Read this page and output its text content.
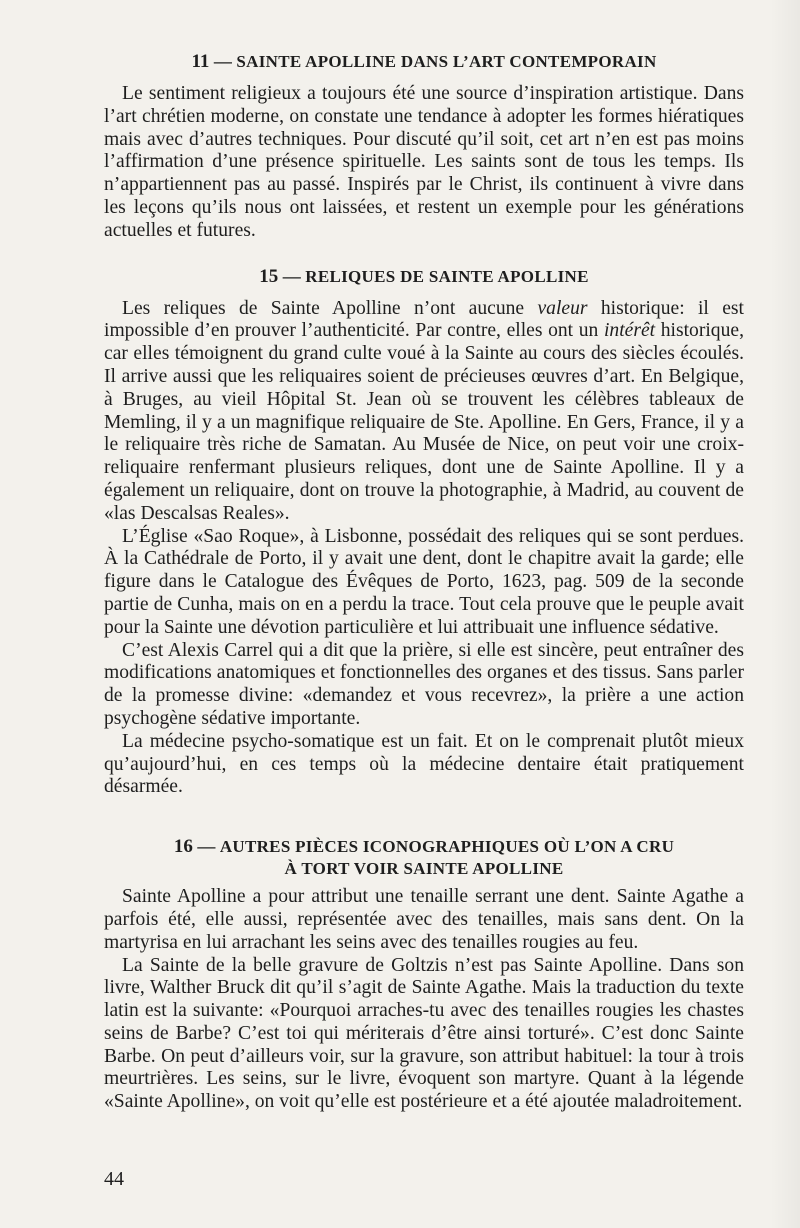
11 — SAINTE APOLLINE DANS L’ART CONTEMPORAIN

Le sentiment religieux a toujours été une source d’inspiration artistique. Dans l’art chrétien moderne, on constate une tendance à adopter les formes hiératiques mais avec d’autres techniques. Pour discuté qu’il soit, cet art n’en est pas moins l’affirmation d’une présence spirituelle. Les saints sont de tous les temps. Ils n’appartiennent pas au passé. Inspirés par le Christ, ils continuent à vivre dans les leçons qu’ils nous ont laissées, et restent un exemple pour les générations actuelles et futures.

15 — RELIQUES DE SAINTE APOLLINE

Les reliques de Sainte Apolline n’ont aucune valeur historique: il est impossible d’en prouver l’authenticité. Par contre, elles ont un intérêt historique, car elles témoignent du grand culte voué à la Sainte au cours des siècles écoulés. Il arrive aussi que les reliquaires soient de précieuses œuvres d’art. En Belgique, à Bruges, au vieil Hôpital St. Jean où se trouvent les célèbres tableaux de Memling, il y a un magnifique reliquaire de Ste. Apolline. En Gers, France, il y a le reliquaire très riche de Samatan. Au Musée de Nice, on peut voir une croix-reliquaire renfermant plusieurs reliques, dont une de Sainte Apolline. Il y a également un reliquaire, dont on trouve la photographie, à Madrid, au couvent de «las Descalsas Reales».

L’Église «Sao Roque», à Lisbonne, possédait des reliques qui se sont perdues. À la Cathédrale de Porto, il y avait une dent, dont le chapitre avait la garde; elle figure dans le Catalogue des Évêques de Porto, 1623, pag. 509 de la seconde partie de Cunha, mais on en a perdu la trace. Tout cela prouve que le peuple avait pour la Sainte une dévotion particulière et lui attribuait une influence sédative.

C’est Alexis Carrel qui a dit que la prière, si elle est sincère, peut entraîner des modifications anatomiques et fonctionnelles des organes et des tissus. Sans parler de la promesse divine: «demandez et vous recevrez», la prière a une action psychogène sédative importante.

La médecine psycho-somatique est un fait. Et on le comprenait plutôt mieux qu’aujourd’hui, en ces temps où la médecine dentaire était pratiquement désarmée.

16 — AUTRES PIÈCES ICONOGRAPHIQUES OÙ L’ON A CRU
À TORT VOIR SAINTE APOLLINE

Sainte Apolline a pour attribut une tenaille serrant une dent. Sainte Agathe a parfois été, elle aussi, représentée avec des tenailles, mais sans dent. On la martyrisa en lui arrachant les seins avec des tenailles rougies au feu.

La Sainte de la belle gravure de Goltzis n’est pas Sainte Apolline. Dans son livre, Walther Bruck dit qu’il s’agit de Sainte Agathe. Mais la traduction du texte latin est la suivante: «Pourquoi arraches-tu avec des tenailles rougies les chastes seins de Barbe? C’est toi qui mériterais d’être ainsi torturé». C’est donc Sainte Barbe. On peut d’ailleurs voir, sur la gravure, son attribut habituel: la tour à trois meurtrières. Les seins, sur le livre, évoquent son martyre. Quant à la légende «Sainte Apolline», on voit qu’elle est postérieure et a été ajoutée maladroitement.

44
